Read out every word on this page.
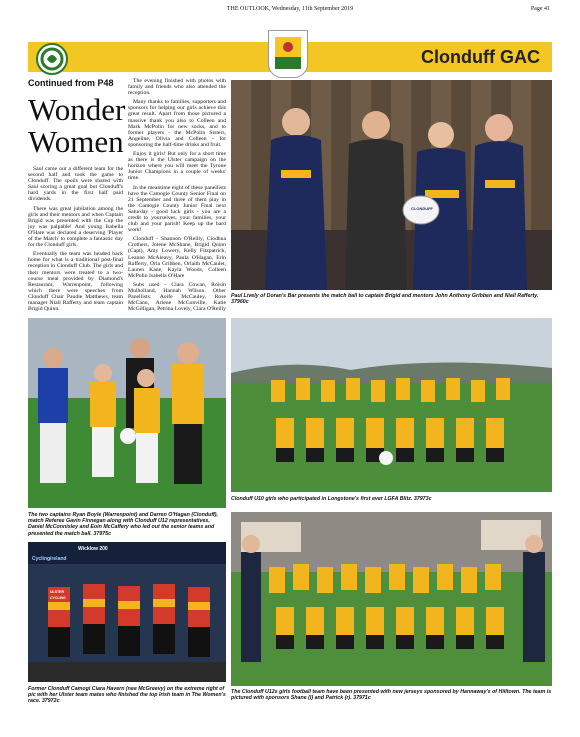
THE OUTLOOK, Wednesday, 11th September 2019	Page 41
Clonduff GAC
Continued from P48
Wonder
Women

Saul came out a different team for the second half and took the game to Clonduff. The spoils were shared with Saul scoring a great goal but Clonduff's hard yards in the first half paid dividends.

There was great jubilation among the girls and their mentors and when Captain Brigid was presented with the Cup the joy was palpable! And young Isabella O'Hare was declared a deserving 'Player of the Match' to complete a fantastic day for the Clonduff girls.

Eventually the team was headed back home for what is a traditional post-final reception in Clonduff Club. The girls and their mentors were treated to a two-course meal provided by Diamond's Restaurant, Warrenpoint, following which there were speeches from Clonduff Chair Paudie Matthews, team manager Niall Rafferty and team captain Brigid Quinn.

The evening finished with photos with family and friends who also attended the reception.

Many thanks to families, supporters and sponsors for helping our girls achieve this great result. Apart from those pictured a massive thank you also to Colleen and Mark McPolin for new socks, and to former players - the McPolin Sisters, Angeline, Olivia and Colleen - for sponsoring the half-time drinks and fruit.

Enjoy it girls! But only for a short time as there is the Ulster campaign on the horizon where you will meet the Tyrone Junior Champions in a couple of weeks' time.

In the meantime eight of these panellists have the Camogie County Senior Final on 21 September and three of them play in the Camogie County Junior Final next Saturday - good luck girls - you are a credit to yourselves, your families, your club and your parish! Keep up the hard work!

Clonduff - Shannon O'Reilly, Ciodhna Crothers, Jolene McShane, Brigid Quinn (Capt), Amy Lowery, Kelly Fitzpatrick, Leanne McAleavy, Paula O'Hagan, Erin Rafferty, Orla Gribben, Orlaith McCaulet, Lauren Kane, Kayla Woods, Colleen McPolin Isabella O'Hare

Subs used - Clara Cowan, Roisin Mulholland, Hannah Wilson. Other Panellists: Aoife McCauley, Rose McCann, Arlene McConville, Katie McGilligan, Petrina Lovely, Ciara O'Reilly

CLONDUFF
Paul Lively of Doran's Bar presents the match ball to captain Brigid and mentors John Anthony Gribben and Niall Rafferty. 37960c
The two captains Ryan Boyle (Warrenpoint) and Darren O'Hagan (Clonduff), match Referee Gavin Finnegan along with Clonduff U12 representatives, Daniel McConnisley and Eoin McCaffery who led out the senior teams and presented the match ball. 37975c
Clonduff U10 girls who participated in Longstone's first ever LGFA Blitz. 37973c
Wicklow 200
Cyclingireland
ULSTER
CYCLING
Former Clonduff Camogi Ciara Havern (nee McGreevy) on the extreme right of pic with her Ulster team mates who finished the top Irish team in The Women's race. 37972c
The Clonduff U12s girls football team have been presented with new jerseys sponsored by Hannaway's of Hilltown. The team is pictured with sponsors Shane (l) and Patrick (r). 37971c
